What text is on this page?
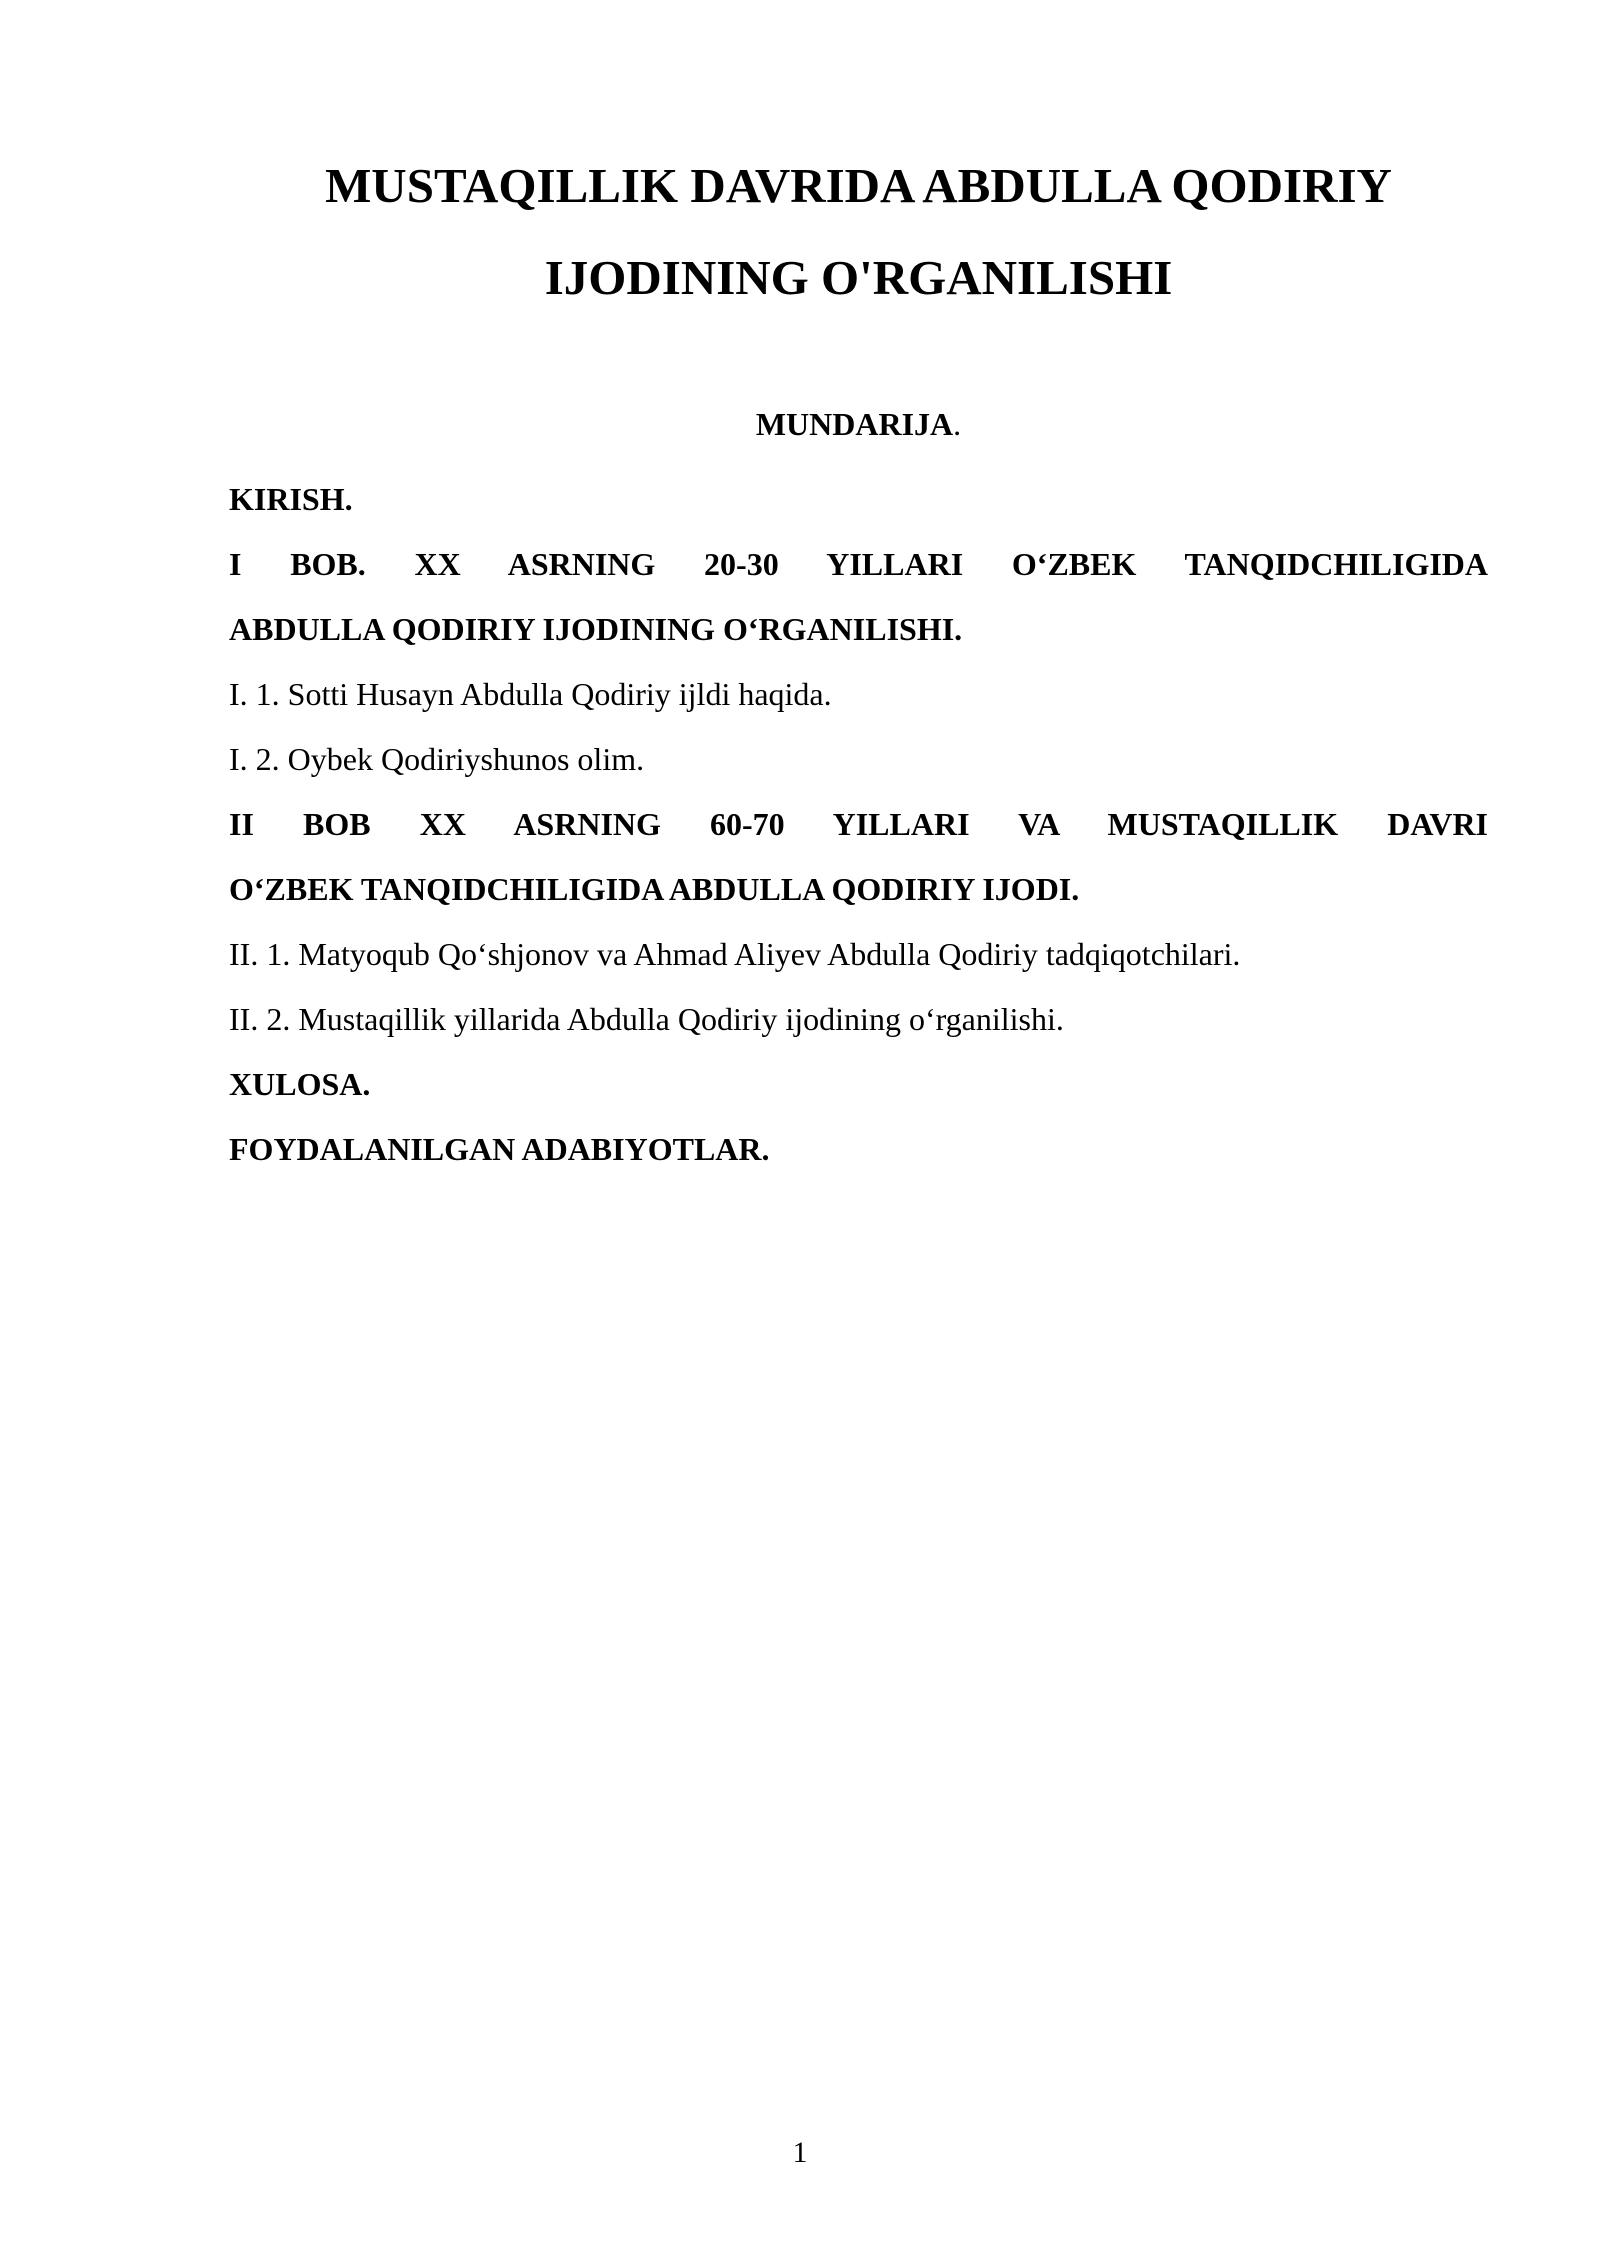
MUSTAQILLIK DAVRIDA ABDULLA QODIRIY
IJODINING O'RGANILISHI
MUNDARIJA.
KIRISH.
I BOB. XX ASRNING 20-30 YILLARI O‘ZBEK TANQIDCHILIGIDA
ABDULLA QODIRIY IJODINING O‘RGANILISHI.
I. 1. Sotti Husayn Abdulla Qodiriy ijldi haqida.
I. 2. Oybek Qodiriyshunos olim.
II BOB XX ASRNING 60-70 YILLARI VA MUSTAQILLIK DAVRI
O‘ZBEK TANQIDCHILIGIDA ABDULLA QODIRIY IJODI.
II. 1. Matyoqub Qo‘shjonov va Ahmad Aliyev Abdulla Qodiriy tadqiqotchilari.
II. 2. Mustaqillik yillarida Abdulla Qodiriy ijodining o‘rganilishi.
XULOSA.
FOYDALANILGAN ADABIYOTLAR.
1
